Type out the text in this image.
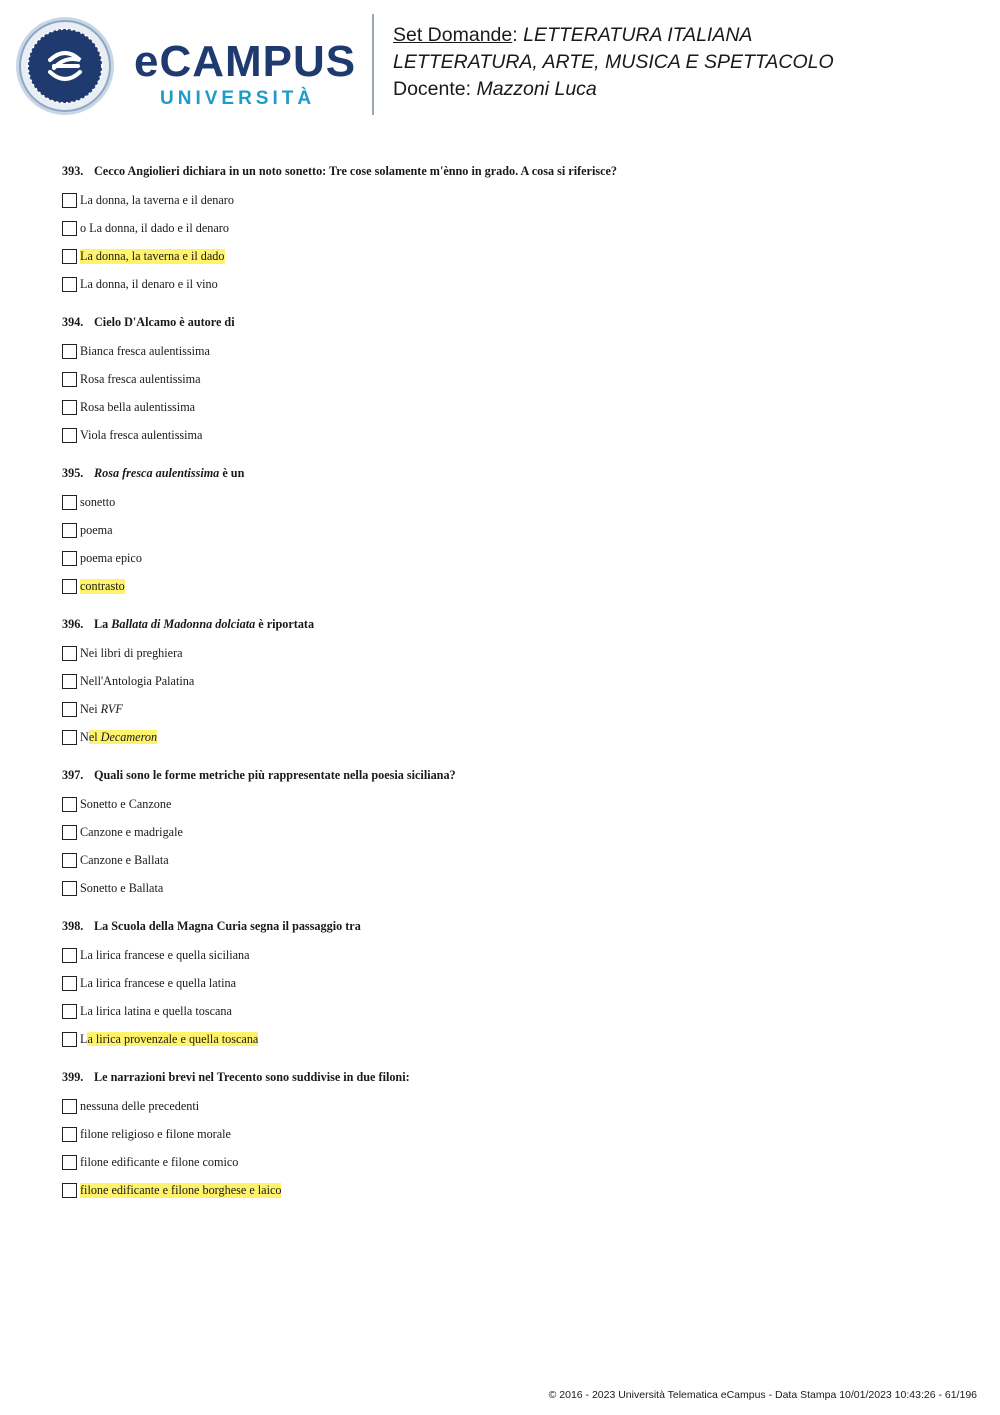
eCAMPUS
UNIVERSITÀ
Set Domande: LETTERATURA ITALIANA
LETTERATURA, ARTE, MUSICA E SPETTACOLO
Docente: Mazzoni Luca
393. Cecco Angiolieri dichiara in un noto sonetto: Tre cose solamente m'ènno in grado. A cosa si riferisce?
La donna, la taverna e il denaro
o La donna, il dado e il denaro
La donna, la taverna e il dado
La donna, il denaro e il vino
394. Cielo D'Alcamo è autore di
Bianca fresca aulentissima
Rosa fresca aulentissima
Rosa bella aulentissima
Viola fresca aulentissima
395. Rosa fresca aulentissima è un
sonetto
poema
poema epico
contrasto
396. La Ballata di Madonna dolciata è riportata
Nei libri di preghiera
Nell'Antologia Palatina
Nei RVF
Nel Decameron
397. Quali sono le forme metriche più rappresentate nella poesia siciliana?
Sonetto e Canzone
Canzone e madrigale
Canzone e Ballata
Sonetto e Ballata
398. La Scuola della Magna Curia segna il passaggio tra
La lirica francese e quella siciliana
La lirica francese e quella latina
La lirica latina e quella toscana
La lirica provenzale e quella toscana
399. Le narrazioni brevi nel Trecento sono suddivise in due filoni:
nessuna delle precedenti
filone religioso e filone morale
filone edificante e filone comico
filone edificante e filone borghese e laico
© 2016 - 2023 Università Telematica eCampus - Data Stampa 10/01/2023 10:43:26 - 61/196
